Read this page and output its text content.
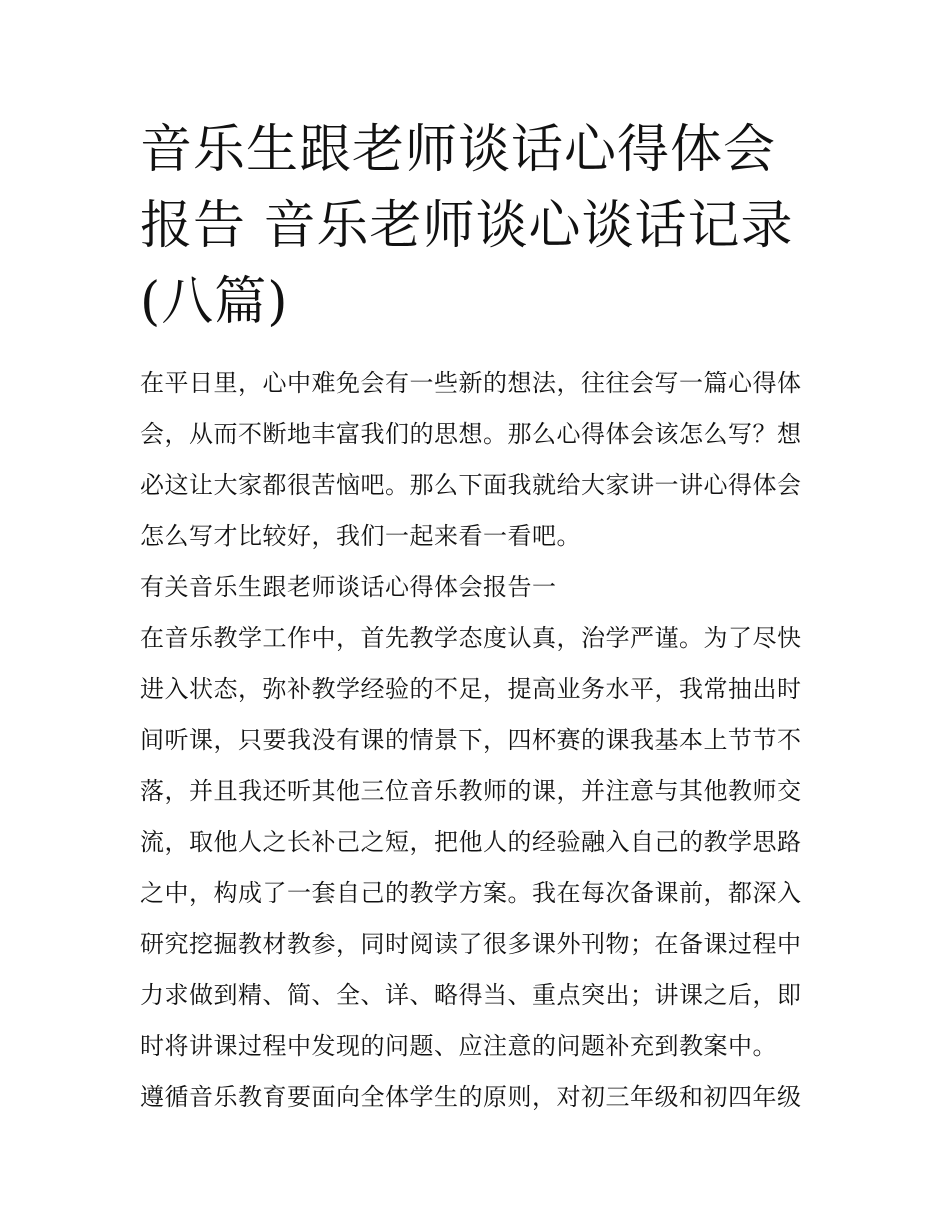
音乐生跟老师谈话心得体会报告 音乐老师谈心谈话记录(八篇)

在平日里，心中难免会有一些新的想法，往往会写一篇心得体会，从而不断地丰富我们的思想。那么心得体会该怎么写？想必这让大家都很苦恼吧。那么下面我就给大家讲一讲心得体会怎么写才比较好，我们一起来看一看吧。

有关音乐生跟老师谈话心得体会报告一

在音乐教学工作中，首先教学态度认真，治学严谨。为了尽快进入状态，弥补教学经验的不足，提高业务水平，我常抽出时间听课，只要我没有课的情景下，四杯赛的课我基本上节节不落，并且我还听其他三位音乐教师的课，并注意与其他教师交流，取他人之长补己之短，把他人的经验融入自己的教学思路之中，构成了一套自己的教学方案。我在每次备课前，都深入研究挖掘教材教参，同时阅读了很多课外刊物；在备课过程中力求做到精、简、全、详、略得当、重点突出；讲课之后，即时将讲课过程中发现的问题、应注意的问题补充到教案中。

遵循音乐教育要面向全体学生的原则，对初三年级和初四年级
